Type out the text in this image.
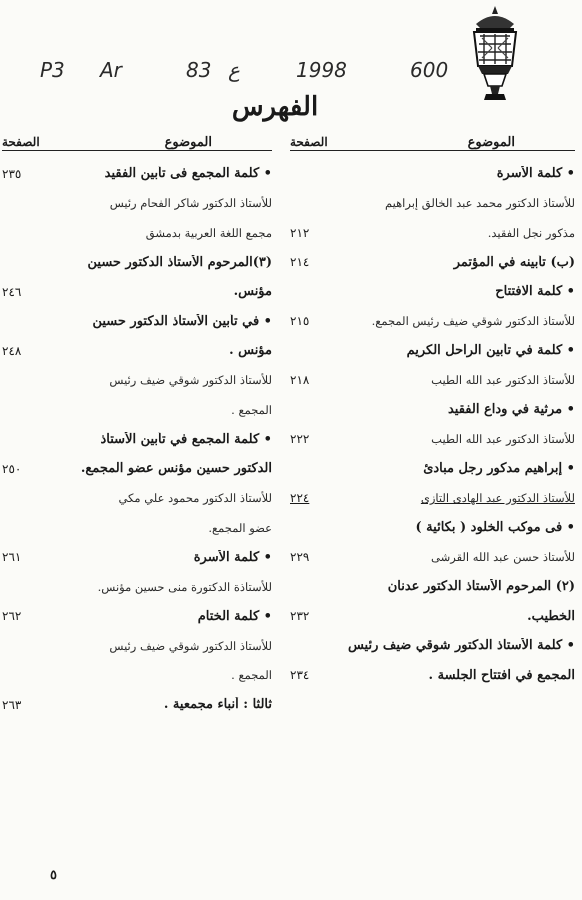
P3 Ar	83 ع	1998	600
الفهرس
الموضوع
الصفحة
• كلمة الأسرة
للأستاذ الدكتور محمد عبد الخالق إبراهيم
مذكور نجل الفقيد.
٢١٢
(ب) تأبينه في المؤتمر
٢١٤
• كلمة الافتتاح
للأستاذ الدكتور شوقي ضيف رئيس المجمع.
٢١٥
• كلمة في تأبين الراحل الكريم
للأستاذ الدكتور عبد الله الطيب
٢١٨
• مرثية في وداع الفقيد
للأستاذ الدكتور عبد الله الطيب
٢٢٢
• إبراهيم مدكور رجل مبادئ
للأستاذ الدكتور عبد الهادى التازى
٢٢٤
• فى موكب الخلود ( بكائية )
للأستاذ حسن عبد الله القرشى
٢٢٩
(٢) المرحوم الأستاذ الدكتور عدنان
الخطيب.
٢٣٢
• كلمة الأستاذ الدكتور شوقي ضيف رئيس
المجمع في افتتاح الجلسة .
٢٣٤
الموضوع
الصفحة
• كلمة المجمع فى تأبين الفقيد
٢٣٥
للأستاذ الدكتور شاكر الفحام رئيس
مجمع اللغة العربية بدمشق
(٣)المرحوم الأستاذ الدكتور حسين
مؤنس.
٢٤٦
• في تأبين الأستاذ الدكتور حسين
مؤنس .
٢٤٨
للأستاذ الدكتور شوقي ضيف رئيس
المجمع .
• كلمة المجمع في تأبين الأستاذ
الدكتور حسين مؤنس عضو المجمع.
٢٥٠
للأستاذ الدكتور محمود علي مكي
عضو المجمع.
• كلمة الأسرة
٢٦١
للأستاذة الدكتورة منى حسين مؤنس.
• كلمة الختام
٢٦٢
للأستاذ الدكتور شوقي ضيف رئيس
المجمع .
ثالثا : أنباء مجمعية .
٢٦٣
٥
